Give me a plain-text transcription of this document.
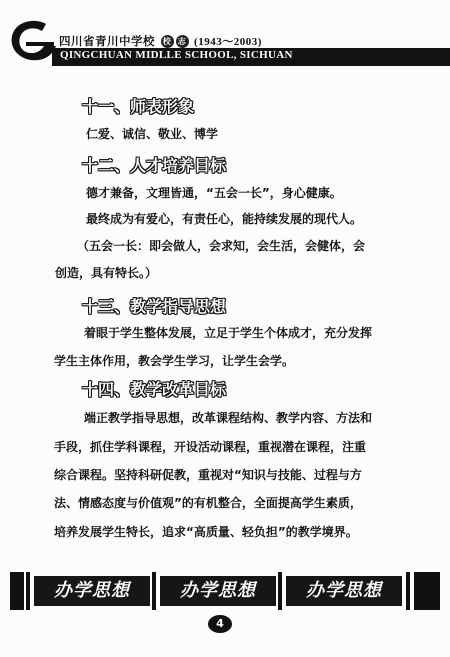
四川省青川中学校 校 志 (1943～2003)
QINGCHUAN MIDLLE SCHOOL, SICHUAN
十一、师表形象
仁爱、诚信、敬业、博学
十二、人才培养目标
德才兼备，文理皆通，“五会一长”，身心健康。
最终成为有爱心，有责任心，能持续发展的现代人。
（五会一长：即会做人，会求知，会生活，会健体，会
创造，具有特长。）
十三、教学指导思想
着眼于学生整体发展，立足于学生个体成才，充分发挥
学生主体作用，教会学生学习，让学生会学。
十四、教学改革目标
端正教学指导思想，改革课程结构、教学内容、方法和
手段，抓住学科课程，开设活动课程，重视潜在课程，注重
综合课程。坚持科研促教，重视对“知识与技能、过程与方
法、情感态度与价值观”的有机整合，全面提高学生素质，
培养发展学生特长，追求“高质量、轻负担”的教学境界。
办学思想	办学思想	办学思想
4
